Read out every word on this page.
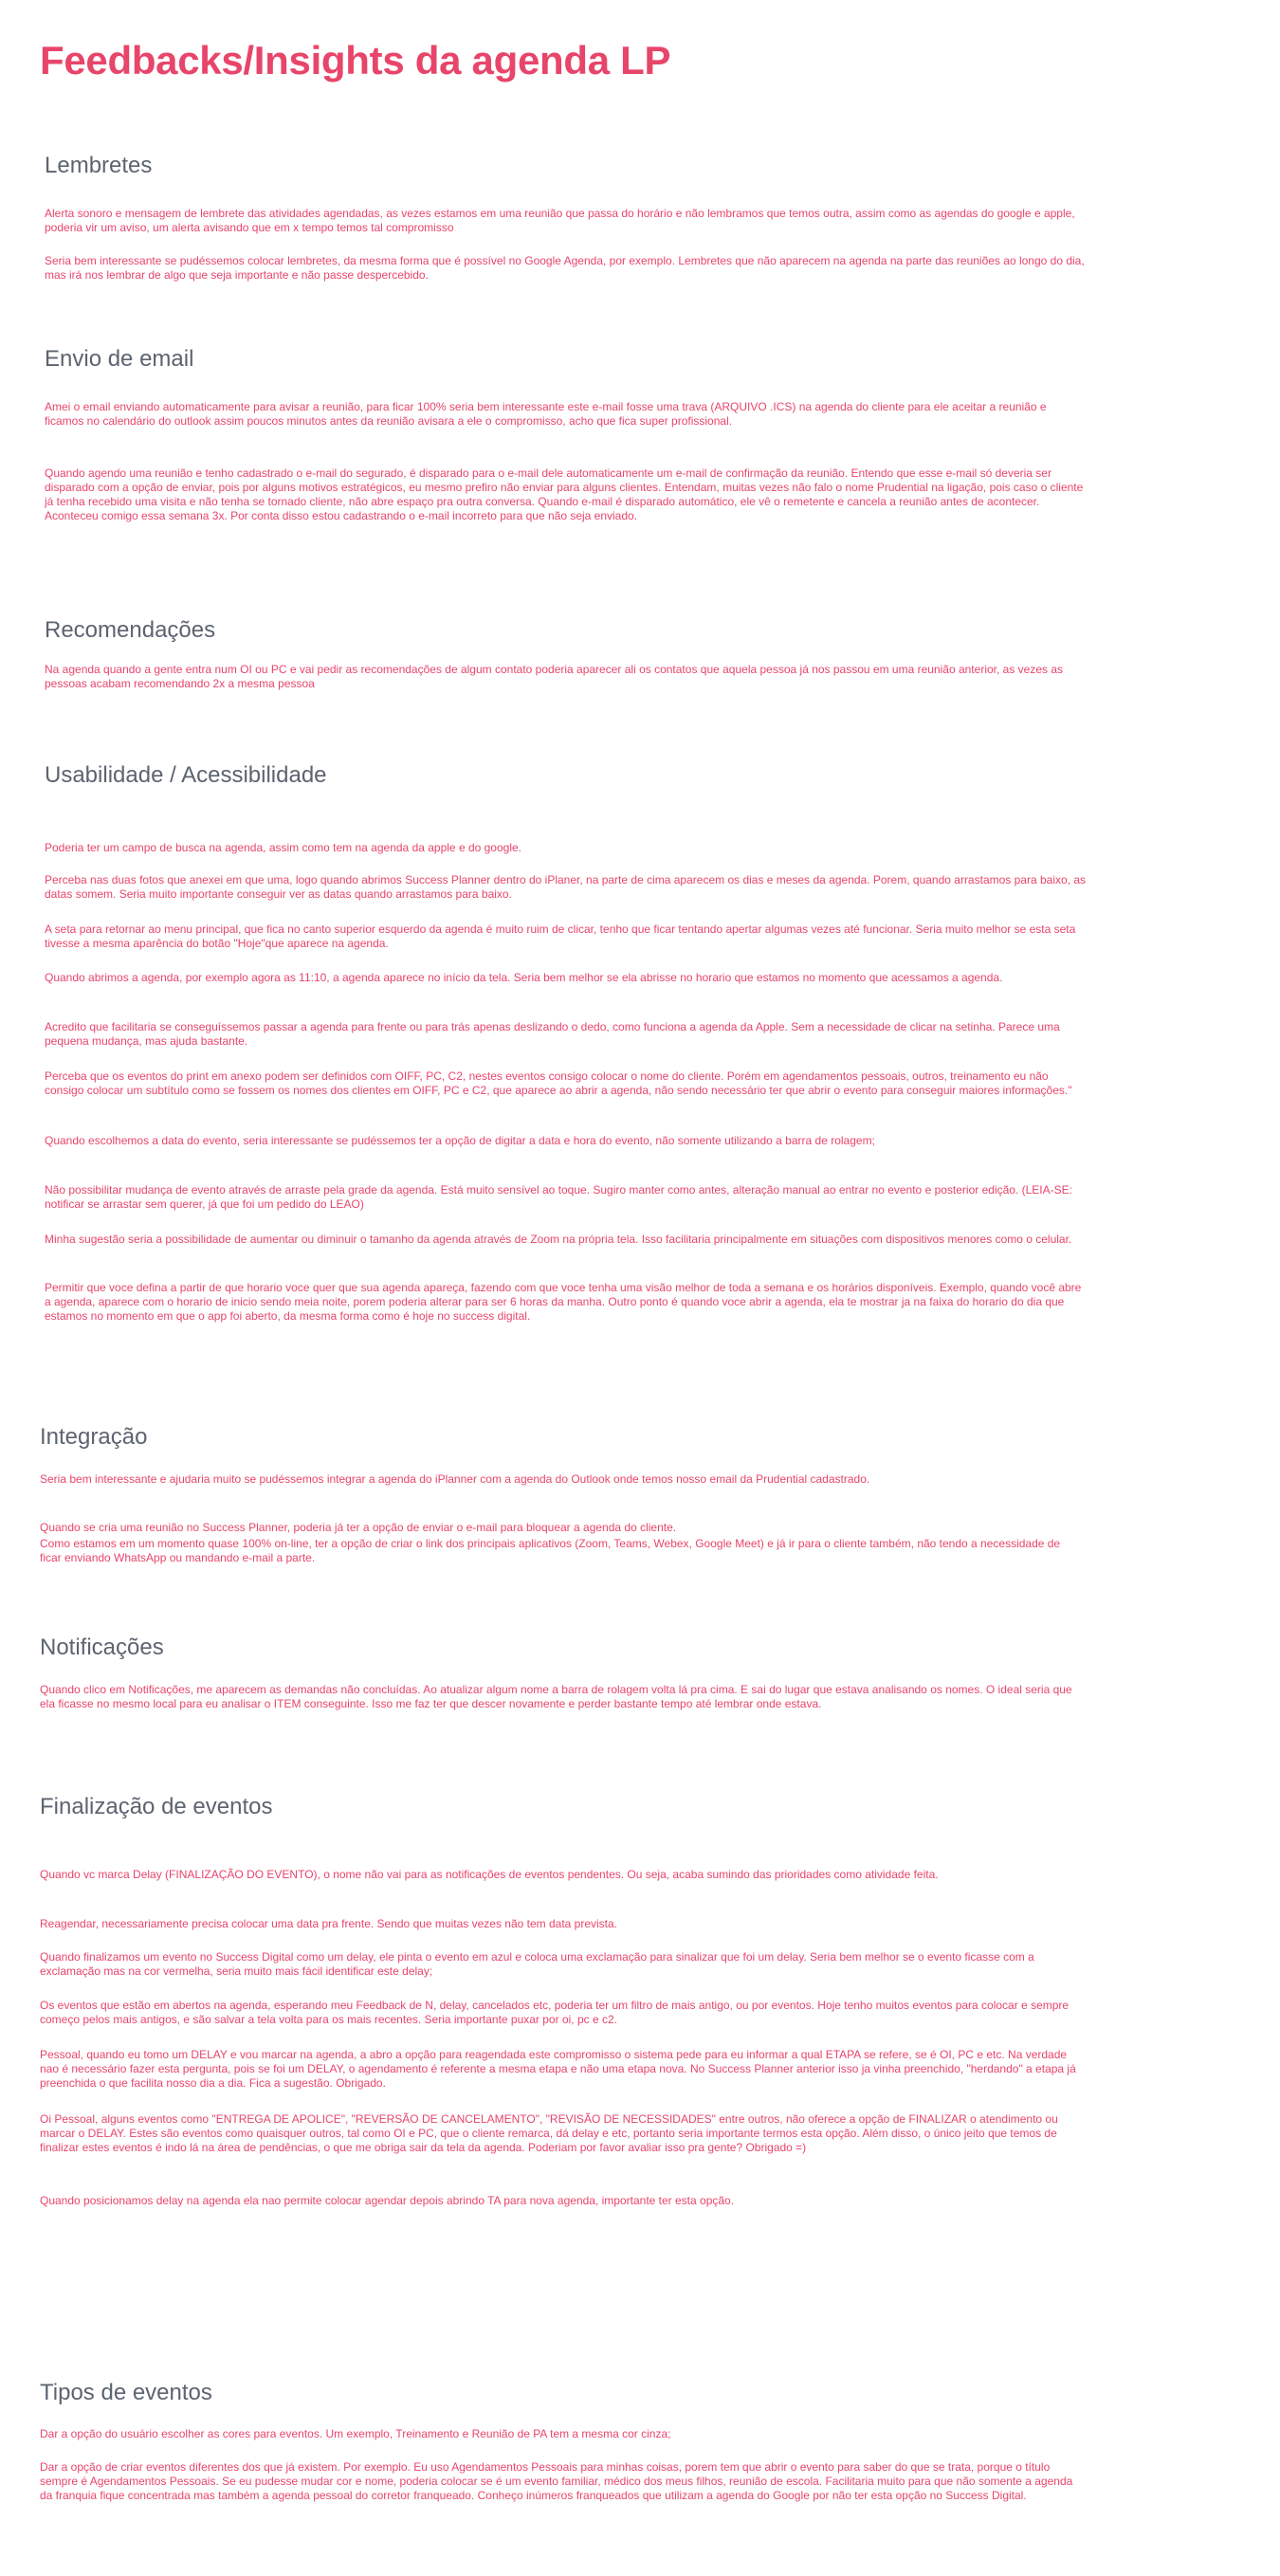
Feedbacks/Insights da agenda LP
Lembretes

Alerta sonoro e mensagem de lembrete das atividades agendadas, as vezes estamos em uma reunião que passa do horário e não lembramos que temos outra, assim como as agendas do google e apple, poderia vir um aviso, um alerta avisando que em x tempo temos tal compromisso

Seria bem interessante se pudéssemos colocar lembretes, da mesma forma que é possível no Google Agenda, por exemplo. Lembretes que não aparecem na agenda na parte das reuniões ao longo do dia, mas irá nos lembrar de algo que seja importante e não passe despercebido.

Envio de email

Amei o email enviando automaticamente para avisar a reunião, para ficar 100% seria bem interessante este e-mail fosse uma trava (ARQUIVO .ICS) na agenda do cliente para ele aceitar a reunião e ficamos no calendário do outlook assim poucos minutos antes da reunião avisara a ele o compromisso, acho que fica super profissional.

Quando agendo uma reunião e tenho cadastrado o e-mail do segurado, é disparado para o e-mail dele automaticamente um e-mail de confirmação da reunião. Entendo que esse e-mail só deveria ser disparado com a opção de enviar, pois por alguns motivos estratégicos, eu mesmo prefiro não enviar para alguns clientes. Entendam, muitas vezes não falo o nome Prudential na ligação, pois caso o cliente já tenha recebido uma visita e não tenha se tornado cliente, não abre espaço pra outra conversa. Quando e-mail é disparado automático, ele vê o remetente e cancela a reunião antes de acontecer. Aconteceu comigo essa semana 3x. Por conta disso estou cadastrando o e-mail incorreto para que não seja enviado.

Recomendações

Na agenda quando a gente entra num OI ou PC e vai pedir as recomendações de algum contato poderia aparecer ali os contatos que aquela pessoa já nos passou em uma reunião anterior, as vezes as pessoas acabam recomendando 2x a mesma pessoa

Usabilidade / Acessibilidade

Poderia ter um campo de busca na agenda, assim como tem na agenda da apple e do google.

Perceba nas duas fotos que anexei em que uma, logo quando abrimos Success Planner dentro do iPlaner, na parte de cima aparecem os dias e meses da agenda. Porem, quando arrastamos para baixo, as datas somem. Seria muito importante conseguir ver as datas quando arrastamos para baixo.

A seta para retornar ao menu principal, que fica no canto superior esquerdo da agenda é muito ruim de clicar, tenho que ficar tentando apertar algumas vezes até funcionar. Seria muito melhor se esta seta tivesse a mesma aparência do botão "Hoje"que aparece na agenda.

Quando abrimos a agenda, por exemplo agora as 11:10, a agenda aparece no início da tela. Seria bem melhor se ela abrisse no horario que estamos no momento que acessamos a agenda.

Acredito que facilitaria se conseguíssemos passar a agenda para frente ou para trás apenas deslizando o dedo, como funciona a agenda da Apple. Sem a necessidade de clicar na setinha. Parece uma pequena mudança, mas ajuda bastante.

Perceba que os eventos do print em anexo podem ser definidos com OIFF, PC, C2, nestes eventos consigo colocar o nome do cliente. Porém em agendamentos pessoais, outros, treinamento eu não consigo colocar um subtítulo como se fossem os nomes dos clientes em OIFF, PC e C2, que aparece ao abrir a agenda, não sendo necessário ter que abrir o evento para conseguir maiores informações."

Quando escolhemos a data do evento, seria interessante se pudéssemos ter a opção de digitar a data e hora do evento, não somente utilizando a barra de rolagem;

Não possibilitar mudança de evento através de arraste pela grade da agenda. Está muito sensível ao toque. Sugiro manter como antes, alteração manual ao entrar no evento e posterior edição. (LEIA-SE: notificar se arrastar sem querer, já que foi um pedido do LEAO)

Minha sugestão seria a possibilidade de aumentar ou diminuir o tamanho da agenda através de Zoom na própria tela. Isso facilitaria principalmente em situações com dispositivos menores como o celular.

Permitir que voce defina a partir de que horario voce quer que sua agenda apareça, fazendo com que voce tenha uma visão melhor de toda a semana e os horários disponíveis. Exemplo, quando você abre a agenda, aparece com o horario de inicio sendo meia noite, porem poderia alterar para ser 6 horas da manha. Outro ponto é quando voce abrir a agenda, ela te mostrar ja na faixa do horario do dia que estamos no momento em que o app foi aberto, da mesma forma como é hoje no success digital.

Integração

Seria bem interessante e ajudaria muito se pudéssemos integrar a agenda do iPlanner com a agenda do Outlook onde temos nosso email da Prudential cadastrado.

Quando se cria uma reunião no Success Planner, poderia já ter a opção de enviar o e-mail para bloquear a agenda do cliente.

Como estamos em um momento quase 100% on-line, ter a opção de criar o link dos principais aplicativos (Zoom, Teams, Webex, Google Meet) e já ir para o cliente também, não tendo a necessidade de ficar enviando WhatsApp ou mandando e-mail a parte.

Notificações

Quando clico em Notificações, me aparecem as demandas não concluídas. Ao atualizar algum nome a barra de rolagem volta lá pra cima. E sai do lugar que estava analisando os nomes. O ideal seria que ela ficasse no mesmo local para eu analisar o ITEM conseguinte. Isso me faz ter que descer novamente e perder bastante tempo até lembrar onde estava.

Finalização de eventos

Quando vc marca Delay (FINALIZAÇÃO DO EVENTO), o nome não vai para as notificações de eventos pendentes. Ou seja, acaba sumindo das prioridades como atividade feita.

Reagendar, necessariamente precisa colocar uma data pra frente. Sendo que muitas vezes não tem data prevista.

Quando finalizamos um evento no Success Digital como um delay, ele pinta o evento em azul e coloca uma exclamação para sinalizar que foi um delay. Seria bem melhor se o evento ficasse com a exclamação mas na cor vermelha, seria muito mais fácil identificar este delay;

Os eventos que estão em abertos na agenda, esperando meu Feedback de N, delay, cancelados etc, poderia ter um filtro de mais antigo, ou por eventos. Hoje tenho muitos eventos para colocar e sempre começo pelos mais antigos, e são salvar a tela volta para os mais recentes. Seria importante puxar por oi, pc e c2.

Pessoal, quando eu tomo um DELAY e vou marcar na agenda, a abro a opção para reagendada este compromisso o sistema pede para eu informar a qual ETAPA se refere, se é OI, PC e etc. Na verdade nao é necessário fazer esta pergunta, pois se foi um DELAY, o agendamento é referente a mesma etapa e não uma etapa nova. No Success Planner anterior isso ja vinha preenchido, "herdando" a etapa já preenchida o que facilita nosso dia a dia. Fica a sugestão. Obrigado.

Oi Pessoal, alguns eventos como "ENTREGA DE APOLICE", "REVERSÃO DE CANCELAMENTO", "REVISÃO DE NECESSIDADES" entre outros, não oferece a opção de FINALIZAR o atendimento ou marcar o DELAY. Estes são eventos como quaisquer outros, tal como OI e PC, que o cliente remarca, dá delay e etc, portanto seria importante termos esta opção. Além disso, o único jeito que temos de finalizar estes eventos é indo lá na área de pendências, o que me obriga sair da tela da agenda. Poderiam por favor avaliar isso pra gente? Obrigado =)

Quando posicionamos delay na agenda ela nao permite colocar agendar depois abrindo TA para nova agenda, importante ter esta opção.

Tipos de eventos

Dar a opção do usuário escolher as cores para eventos. Um exemplo, Treinamento e Reunião de PA tem a mesma cor cinza;

Dar a opção de criar eventos diferentes dos que já existem. Por exemplo. Eu uso Agendamentos Pessoais para minhas coisas, porem tem que abrir o evento para saber do que se trata, porque o título sempre é Agendamentos Pessoais. Se eu pudesse mudar cor e nome, poderia colocar se é um evento familiar, médico dos meus filhos, reunião de escola. Facilitaria muito para que não somente a agenda da franquia fique concentrada mas também a agenda pessoal do corretor franqueado. Conheço inúmeros franqueados que utilizam a agenda do Google por não ter esta opção no Success Digital.
